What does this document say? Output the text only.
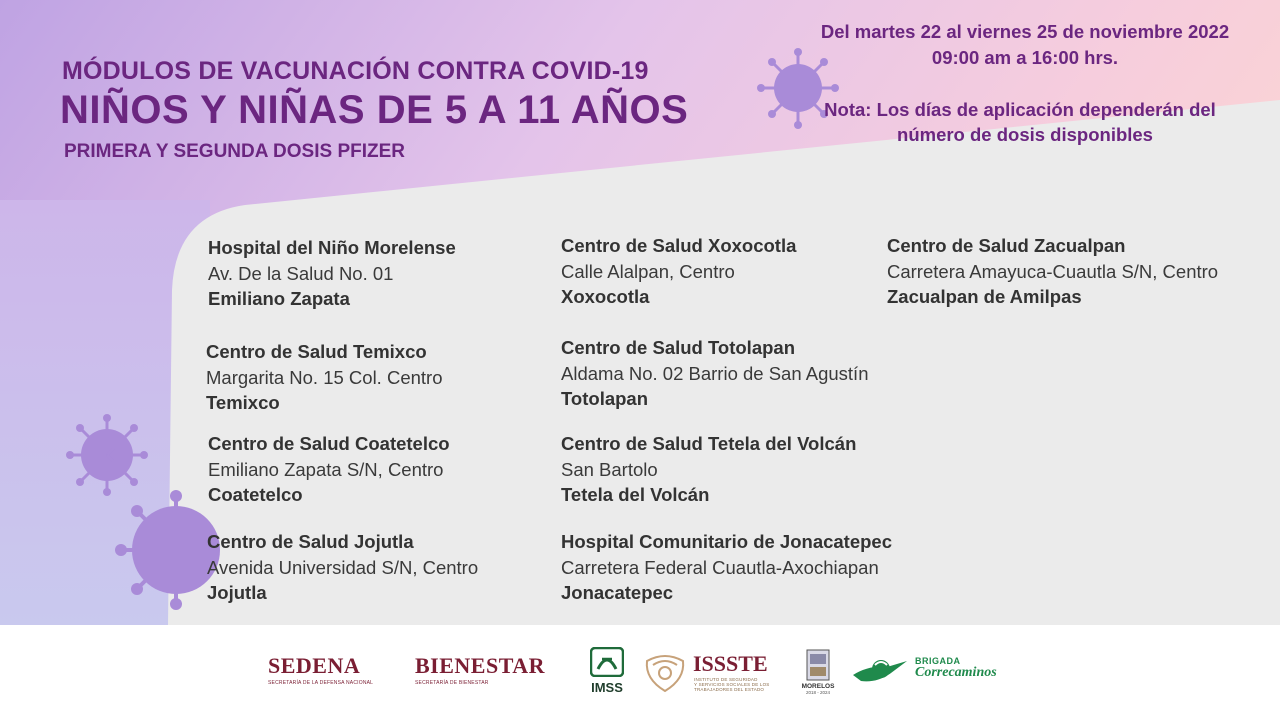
MÓDULOS DE VACUNACIÓN CONTRA COVID-19
NIÑOS Y NIÑAS DE 5 A 11 AÑOS
PRIMERA Y SEGUNDA DOSIS PFIZER
Del martes 22 al viernes 25 de noviembre 2022
09:00 am a 16:00 hrs.
Nota: Los días de aplicación dependerán del
número de dosis disponibles
Hospital del Niño Morelense
Av. De la Salud No. 01
Emiliano Zapata
Centro de Salud Temixco
Margarita No. 15 Col. Centro
Temixco
Centro de Salud Coatetelco
Emiliano Zapata S/N, Centro
Coatetelco
Centro de Salud Jojutla
Avenida Universidad S/N, Centro
Jojutla
Centro de Salud Xoxocotla
Calle Alalpan, Centro
Xoxocotla
Centro de Salud Totolapan
Aldama No. 02 Barrio de San Agustín
Totolapan
Centro de Salud Tetela del Volcán
San Bartolo
Tetela del Volcán
Hospital Comunitario de Jonacatepec
Carretera Federal Cuautla-Axochiapan
Jonacatepec
Centro de Salud Zacualpan
Carretera Amayuca-Cuautla S/N, Centro
Zacualpan de Amilpas
SEDENA
SECRETARÍA DE LA DEFENSA NACIONAL
BIENESTAR
SECRETARÍA DE BIENESTAR	IMSS
ISSSTE
INSTITUTO DE SEGURIDAD
Y SERVICIOS SOCIALES DE LOS
TRABAJADORES DEL ESTADO	MORELOS
2018 - 2024
BRIGADA
Correcaminos
